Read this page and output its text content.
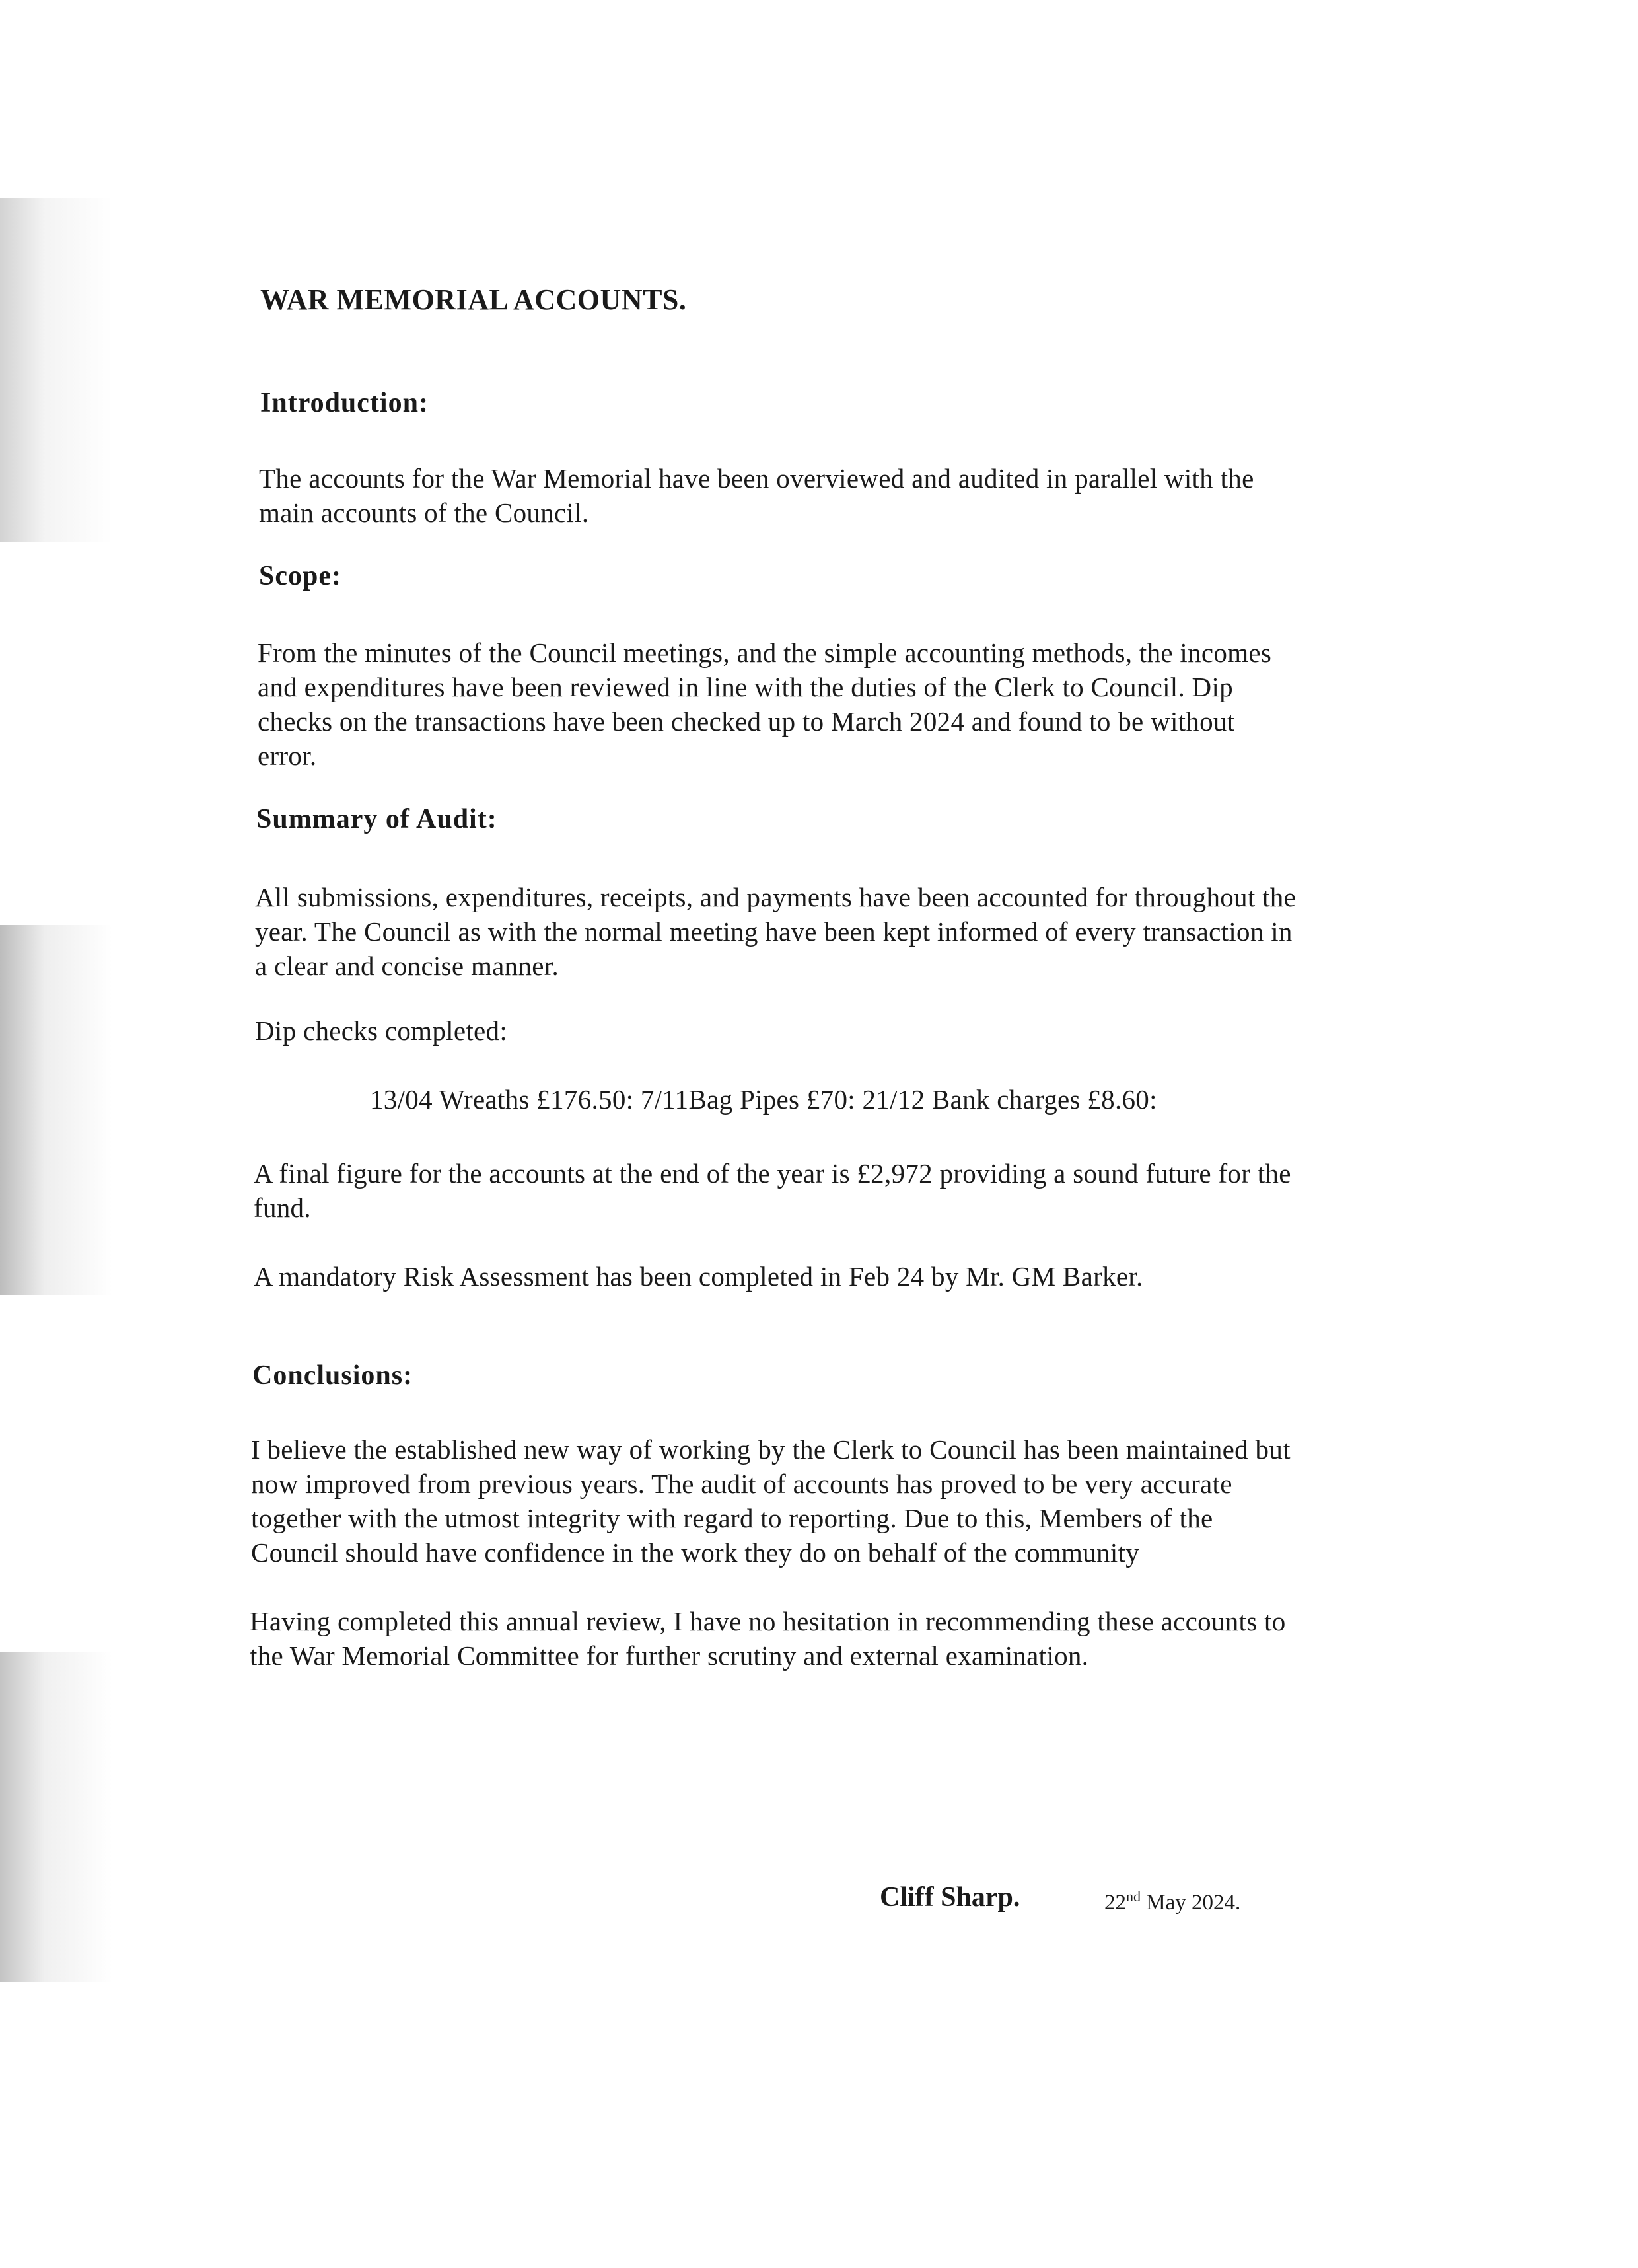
WAR MEMORIAL ACCOUNTS.
Introduction:
The accounts for the War Memorial have been overviewed and audited in parallel with the
main accounts of the Council.
Scope:
From the minutes of the Council meetings, and the simple accounting methods, the incomes
and expenditures have been reviewed in line with the duties of the Clerk to Council. Dip
checks on the transactions have been checked up to March 2024 and found to be without
error.
Summary of Audit:
All submissions, expenditures, receipts, and payments have been accounted for throughout the
year. The Council as with the normal meeting have been kept informed of every transaction in
a clear and concise manner.
Dip checks completed:
13/04 Wreaths £176.50: 7/11Bag Pipes £70: 21/12 Bank charges £8.60:
A final figure for the accounts at the end of the year is £2,972 providing a sound future for the
fund.
A mandatory Risk Assessment has been completed in Feb 24 by Mr. GM Barker.
Conclusions:
I believe the established new way of working by the Clerk to Council has been maintained but
now improved from previous years. The audit of accounts has proved to be very accurate
together with the utmost integrity with regard to reporting. Due to this, Members of the
Council should have confidence in the work they do on behalf of the community
Having completed this annual review, I have no hesitation in recommending these accounts to
the War Memorial Committee for further scrutiny and external examination.
Cliff Sharp.	22nd May 2024.
